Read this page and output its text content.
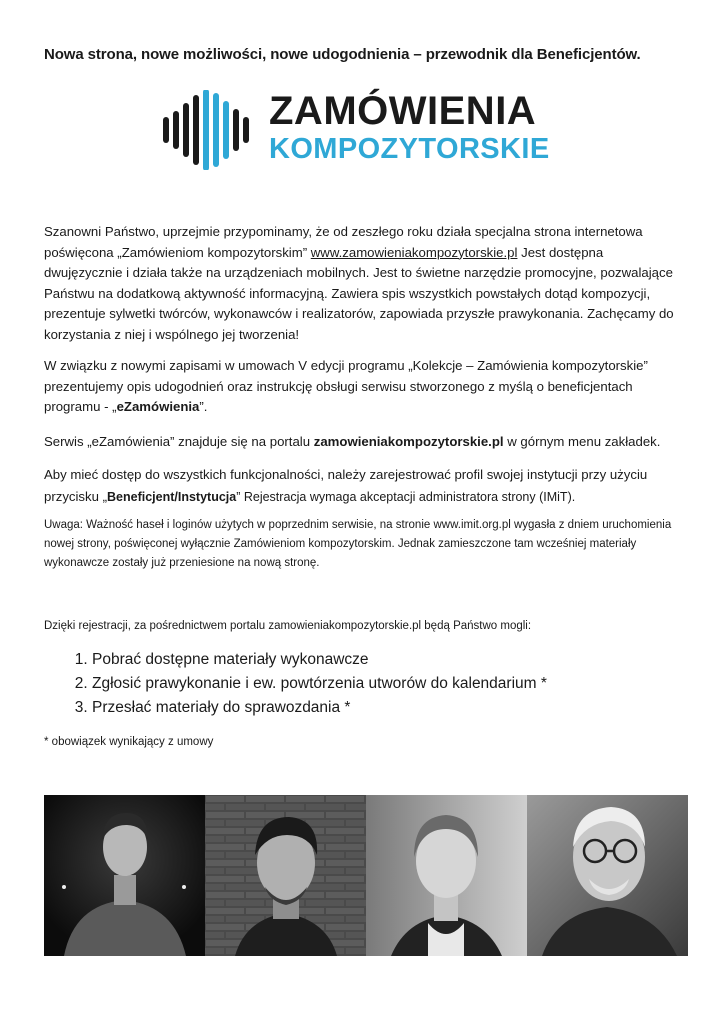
Nowa strona, nowe możliwości, nowe udogodnienia – przewodnik dla Beneficjentów.
ZAMÓWIENIA
KOMPOZYTORSKIE

Szanowni Państwo, uprzejmie przypominamy, że od zeszłego roku działa specjalna strona internetowa poświęcona „Zamówieniom kompozytorskim” www.zamowieniakompozytorskie.pl Jest dostępna dwujęzycznie i działa także na urządzeniach mobilnych. Jest to świetne narzędzie promocyjne, pozwalające Państwu na dodatkową aktywność informacyjną. Zawiera spis wszystkich powstałych dotąd kompozycji, prezentuje sylwetki twórców, wykonawców i realizatorów, zapowiada przyszłe prawykonania. Zachęcamy do korzystania z niej i wspólnego jej tworzenia!

W związku z nowymi zapisami w umowach V edycji programu „Kolekcje – Zamówienia kompozytorskie” prezentujemy opis udogodnień oraz instrukcję obsługi serwisu stworzonego z myślą o beneficjentach programu - „eZamówienia”.

Serwis „eZamówienia” znajduje się na portalu zamowieniakompozytorskie.pl w górnym menu zakładek.

Aby mieć dostęp do wszystkich funkcjonalności, należy zarejestrować profil swojej instytucji przy użyciu przycisku „Beneficjent/Instytucja” Rejestracja wymaga akceptacji administratora strony (IMiT).

Uwaga: Ważność haseł i loginów użytych w poprzednim serwisie, na stronie www.imit.org.pl wygasła z dniem uruchomienia nowej strony, poświęconej wyłącznie Zamówieniom kompozytorskim. Jednak zamieszczone tam wcześniej materiały wykonawcze zostały już przeniesione na nową stronę.

Dzięki rejestracji, za pośrednictwem portalu zamowieniakompozytorskie.pl będą Państwo mogli:

1. Pobrać dostępne materiały wykonawcze
2. Zgłosić prawykonanie i ew. powtórzenia utworów do kalendarium *
3. Przesłać materiały do sprawozdania *

* obowiązek wynikający z umowy
